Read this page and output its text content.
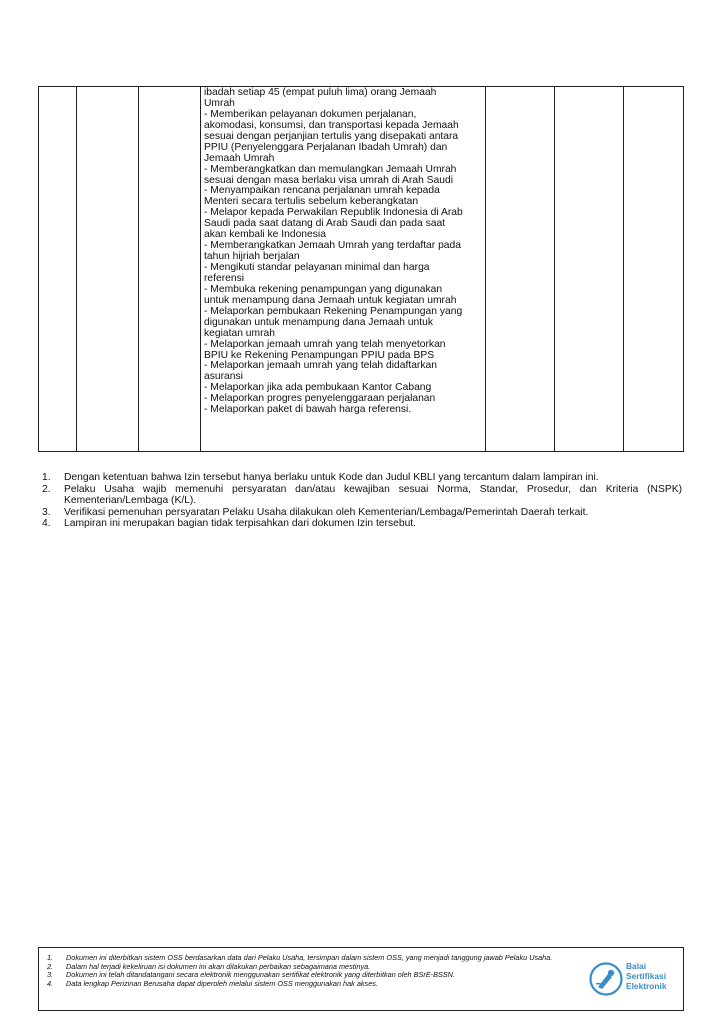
ibadah setiap 45 (empat puluh lima) orang Jemaah
Umrah
- Memberikan pelayanan dokumen perjalanan,
akomodasi, konsumsi, dan transportasi kepada Jemaah
sesuai dengan perjanjian tertulis yang disepakati antara
PPIU (Penyelenggara Perjalanan Ibadah Umrah) dan
Jemaah Umrah
- Memberangkatkan dan memulangkan Jemaah Umrah
sesuai dengan masa berlaku visa umrah di Arah Saudi
- Menyampaikan rencana perjalanan umrah kepada
Menteri secara tertulis sebelum keberangkatan
- Melapor kepada Perwakilan Republik Indonesia di Arab
Saudi pada saat datang di Arab Saudi dan pada saat
akan kembali ke Indonesia
- Memberangkatkan Jemaah Umrah yang terdaftar pada
tahun hijriah berjalan
- Mengikuti standar pelayanan minimal dan harga
referensi
- Membuka rekening penampungan yang digunakan
untuk menampung dana Jemaah untuk kegiatan umrah
- Melaporkan pembukaan Rekening Penampungan yang
digunakan untuk menampung dana Jemaah untuk
kegiatan umrah
- Melaporkan jemaah umrah yang telah menyetorkan
BPIU ke Rekening Penampungan PPIU pada BPS
- Melaporkan jemaah umrah yang telah didaftarkan
asuransi
- Melaporkan jika ada pembukaan Kantor Cabang
- Melaporkan progres penyelenggaraan perjalanan
- Melaporkan paket di bawah harga referensi.
1. Dengan ketentuan bahwa Izin tersebut hanya berlaku untuk Kode dan Judul KBLI yang tercantum dalam lampiran ini.
2. Pelaku Usaha wajib memenuhi persyaratan dan/atau kewajiban sesuai Norma, Standar, Prosedur, dan Kriteria (NSPK) Kementerian/Lembaga (K/L).
3. Verifikasi pemenuhan persyaratan Pelaku Usaha dilakukan oleh Kementerian/Lembaga/Pemerintah Daerah terkait.
4. Lampiran ini merupakan bagian tidak terpisahkan dari dokumen Izin tersebut.
1. Dokumen ini diterbitkan sistem OSS berdasarkan data dari Pelaku Usaha, tersimpan dalam sistem OSS, yang menjadi tanggung jawab Pelaku Usaha.
2. Dalam hal terjadi kekeliruan isi dokumen ini akan dilakukan perbaikan sebagaimana mestinya.
3. Dokumen ini telah ditandatangani secara elektronik menggunakan sertifikat elektronik yang diterbitkan oleh BSrE-BSSN.
4. Data lengkap Perizinan Berusaha dapat diperoleh melalui sistem OSS menggunakan hak akses.
Balai
Sertifikasi
Elektronik
